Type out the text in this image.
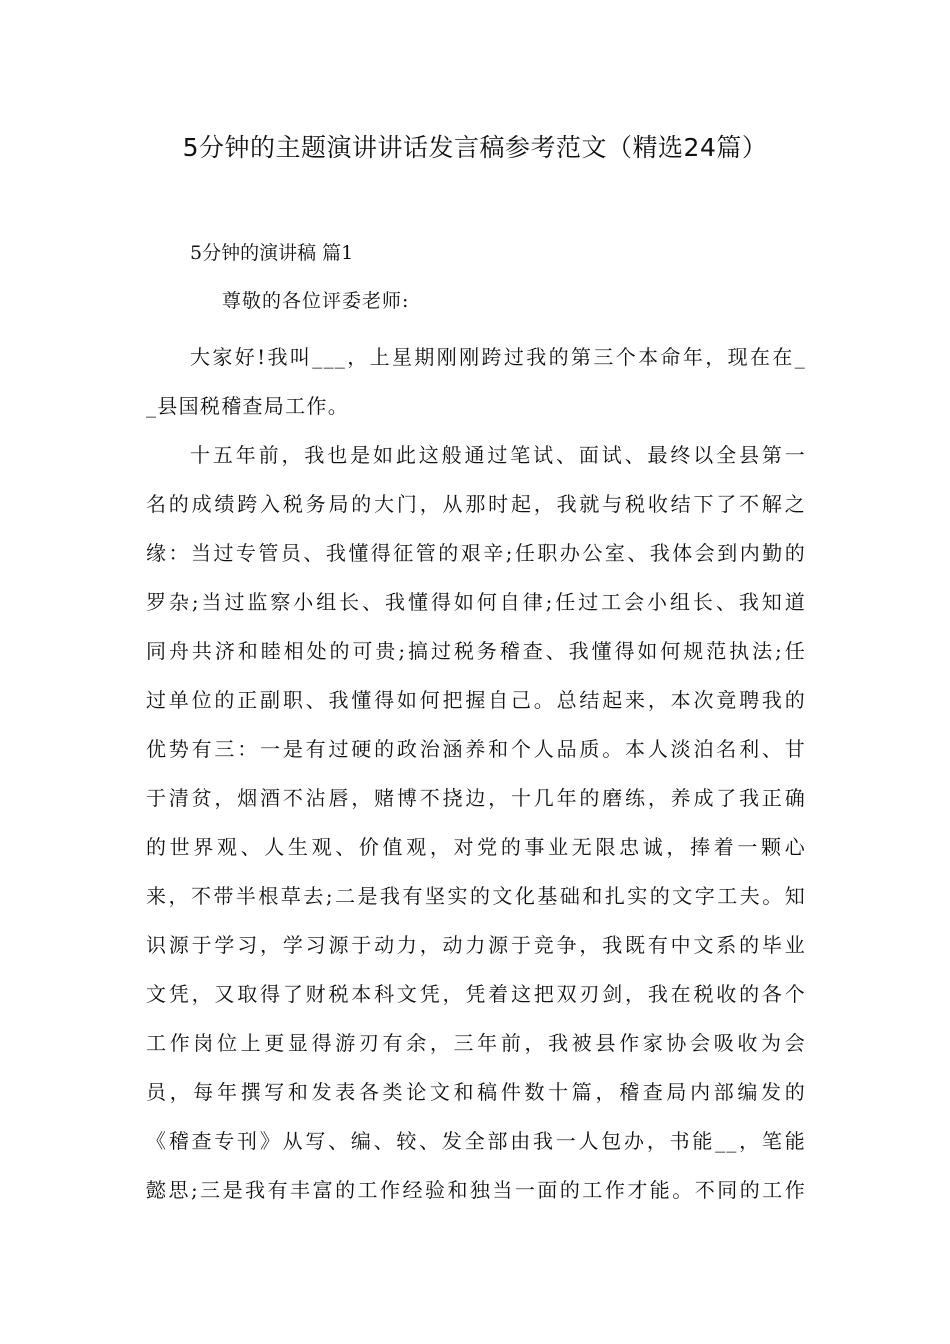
5分钟的主题演讲讲话发言稿参考范文（精选24篇）
5分钟的演讲稿 篇1
尊敬的各位评委老师:
大家好!我叫___，上星期刚刚跨过我的第三个本命年，现在在_
_县国税稽查局工作。
十五年前，我也是如此这般通过笔试、面试、最终以全县第一
名的成绩跨入税务局的大门，从那时起，我就与税收结下了不解之
缘：当过专管员、我懂得征管的艰辛;任职办公室、我体会到内勤的
罗杂;当过监察小组长、我懂得如何自律;任过工会小组长、我知道
同舟共济和睦相处的可贵;搞过税务稽查、我懂得如何规范执法;任
过单位的正副职、我懂得如何把握自己。总结起来，本次竟聘我的
优势有三：一是有过硬的政治涵养和个人品质。本人淡泊名利、甘
于清贫，烟酒不沾唇，赌博不挠边，十几年的磨练，养成了我正确
的世界观、人生观、价值观，对党的事业无限忠诚，捧着一颗心
来，不带半根草去;二是我有坚实的文化基础和扎实的文字工夫。知
识源于学习，学习源于动力，动力源于竞争，我既有中文系的毕业
文凭，又取得了财税本科文凭，凭着这把双刃剑，我在税收的各个
工作岗位上更显得游刃有余，三年前，我被县作家协会吸收为会
员，每年撰写和发表各类论文和稿件数十篇，稽查局内部编发的
《稽查专刊》从写、编、较、发全部由我一人包办，书能__，笔能
懿思;三是我有丰富的工作经验和独当一面的工作才能。不同的工作
